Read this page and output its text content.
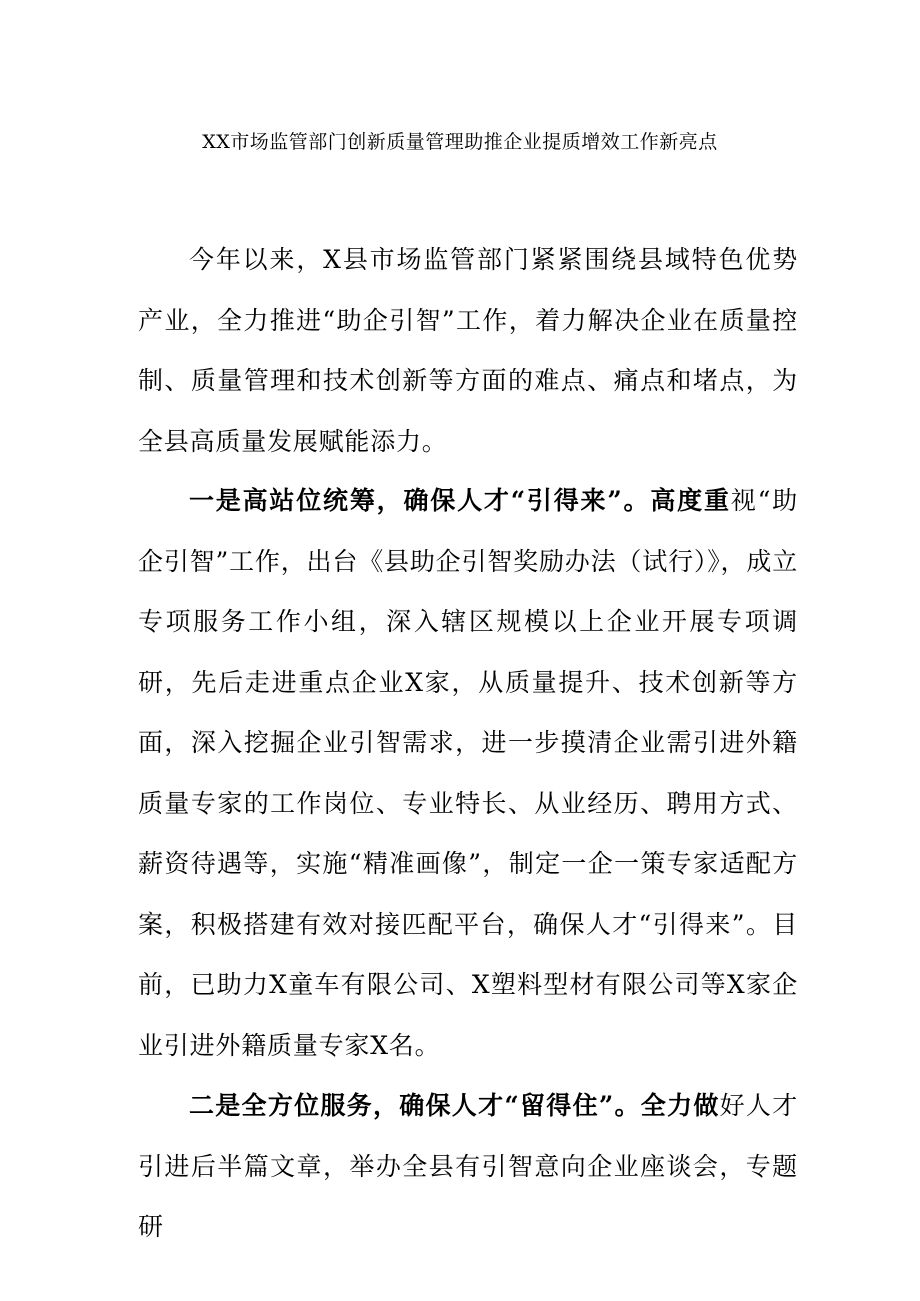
XX市场监管部门创新质量管理助推企业提质增效工作新亮点

今年以来，X县市场监管部门紧紧围绕县域特色优势产业，全力推进“助企引智”工作，着力解决企业在质量控制、质量管理和技术创新等方面的难点、痛点和堵点，为全县高质量发展赋能添力。

一是高站位统筹，确保人才“引得来”。高度重视“助企引智”工作，出台《县助企引智奖励办法（试行）》，成立专项服务工作小组，深入辖区规模以上企业开展专项调研，先后走进重点企业X家，从质量提升、技术创新等方面，深入挖掘企业引智需求，进一步摸清企业需引进外籍质量专家的工作岗位、专业特长、从业经历、聘用方式、薪资待遇等，实施“精准画像”，制定一企一策专家适配方案，积极搭建有效对接匹配平台，确保人才“引得来”。目前，已助力X童车有限公司、X塑料型材有限公司等X家企业引进外籍质量专家X名。

二是全方位服务，确保人才“留得住”。全力做好人才引进后半篇文章，举办全县有引智意向企业座谈会，专题研
